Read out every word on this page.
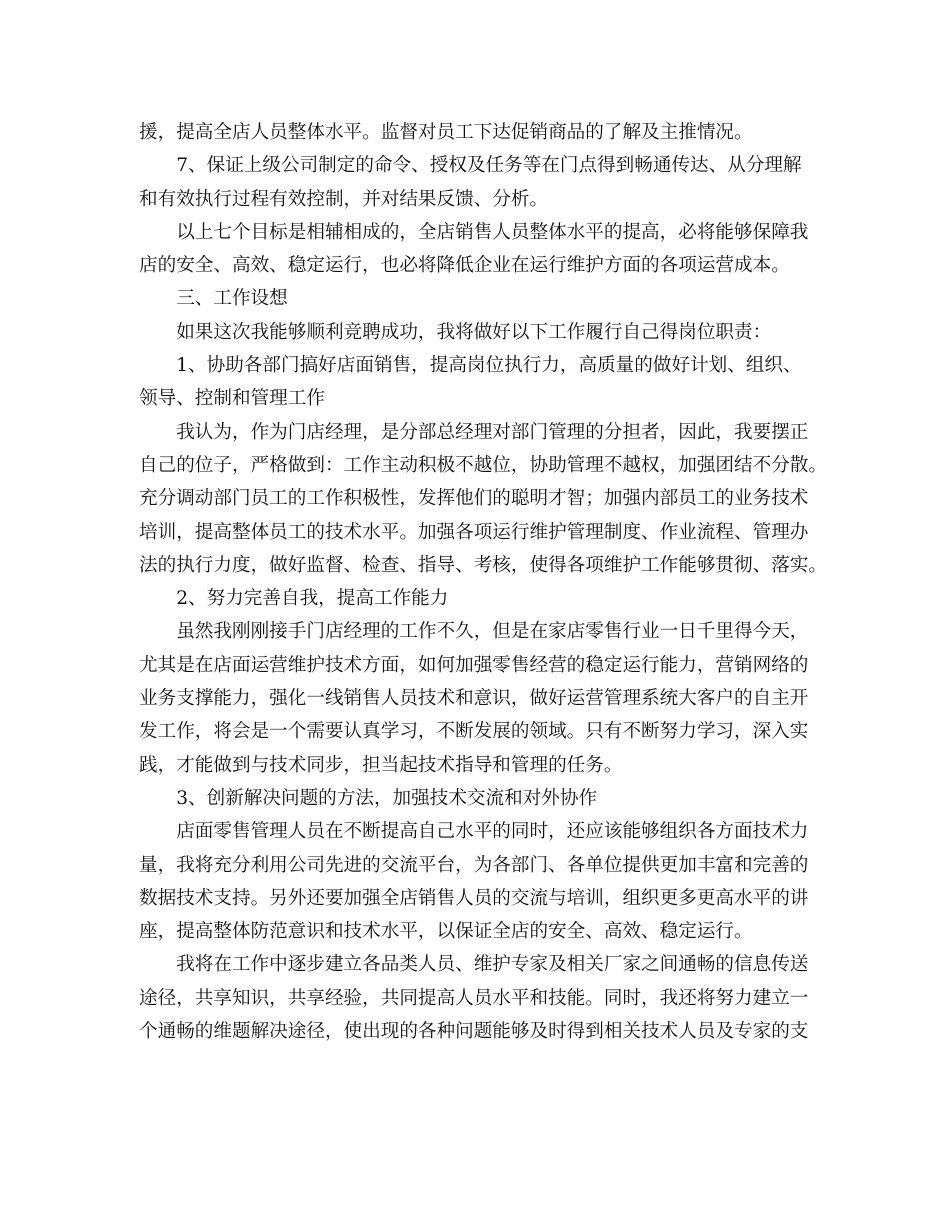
援，提高全店人员整体水平。监督对员工下达促销商品的了解及主推情况。
7、保证上级公司制定的命令、授权及任务等在门点得到畅通传达、从分理解
和有效执行过程有效控制，并对结果反馈、分析。
以上七个目标是相辅相成的，全店销售人员整体水平的提高，必将能够保障我
店的安全、高效、稳定运行，也必将降低企业在运行维护方面的各项运营成本。
三、工作设想
如果这次我能够顺利竞聘成功，我将做好以下工作履行自己得岗位职责：
1、协助各部门搞好店面销售，提高岗位执行力，高质量的做好计划、组织、
领导、控制和管理工作
我认为，作为门店经理，是分部总经理对部门管理的分担者，因此，我要摆正
自己的位子，严格做到：工作主动积极不越位，协助管理不越权，加强团结不分散。
充分调动部门员工的工作积极性，发挥他们的聪明才智；加强内部员工的业务技术
培训，提高整体员工的技术水平。加强各项运行维护管理制度、作业流程、管理办
法的执行力度，做好监督、检查、指导、考核，使得各项维护工作能够贯彻、落实。
2、努力完善自我，提高工作能力
虽然我刚刚接手门店经理的工作不久，但是在家店零售行业一日千里得今天，
尤其是在店面运营维护技术方面，如何加强零售经营的稳定运行能力，营销网络的
业务支撑能力，强化一线销售人员技术和意识，做好运营管理系统大客户的自主开
发工作，将会是一个需要认真学习，不断发展的领域。只有不断努力学习，深入实
践，才能做到与技术同步，担当起技术指导和管理的任务。
3、创新解决问题的方法，加强技术交流和对外协作
店面零售管理人员在不断提高自己水平的同时，还应该能够组织各方面技术力
量，我将充分利用公司先进的交流平台，为各部门、各单位提供更加丰富和完善的
数据技术支持。另外还要加强全店销售人员的交流与培训，组织更多更高水平的讲
座，提高整体防范意识和技术水平，以保证全店的安全、高效、稳定运行。
我将在工作中逐步建立各品类人员、维护专家及相关厂家之间通畅的信息传送
途径，共享知识，共享经验，共同提高人员水平和技能。同时，我还将努力建立一
个通畅的维题解决途径，使出现的各种问题能够及时得到相关技术人员及专家的支
